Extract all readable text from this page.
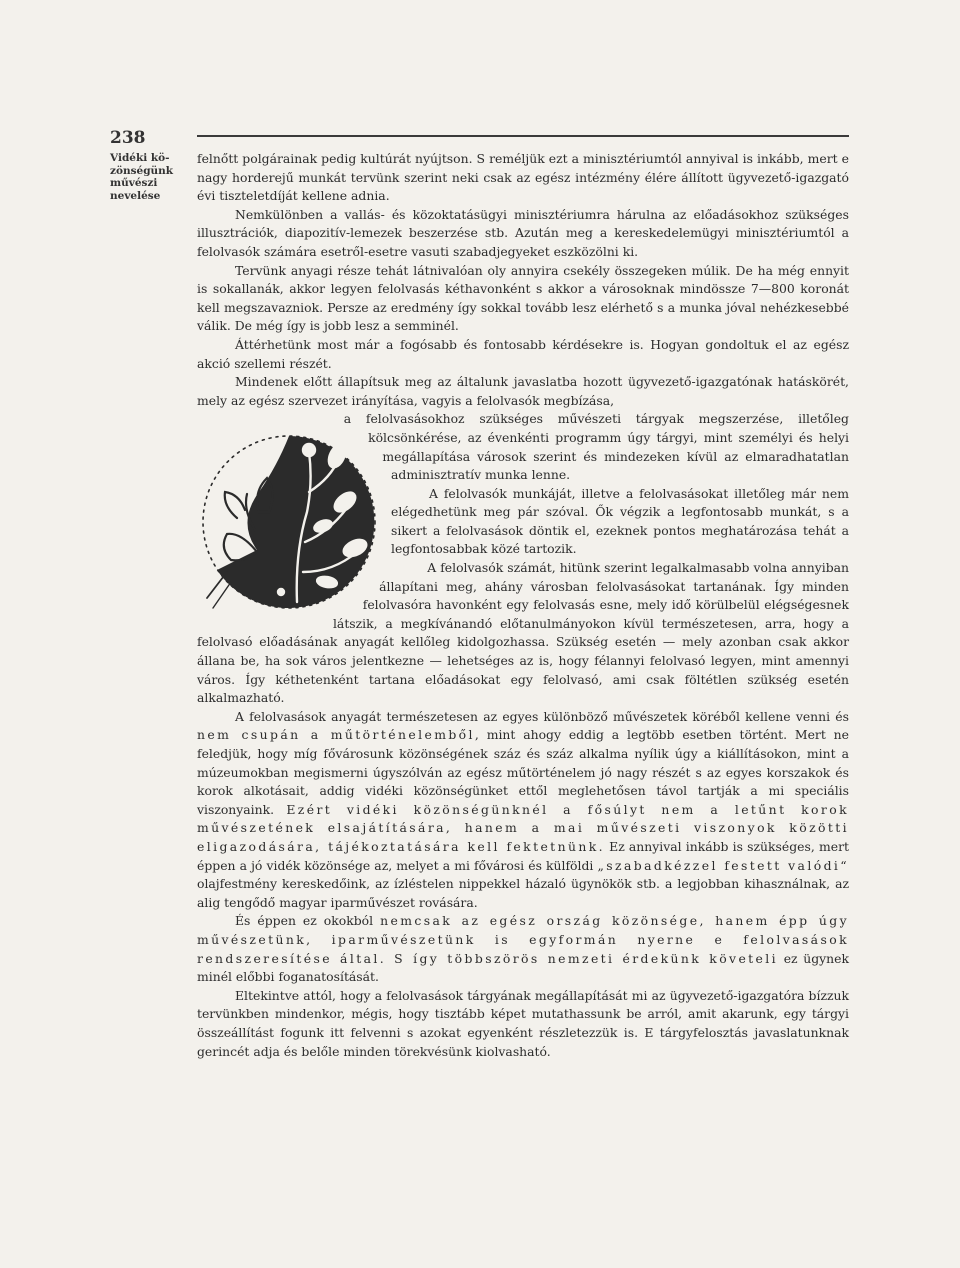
238
Vidéki kö-
zönségünk
művészi
nevelése

felnőtt polgárainak pedig kultúrát nyújtson. S reméljük ezt a minisztériumtól annyival is inkább, mert e nagy horderejű munkát tervünk szerint neki csak az egész intézmény élére állított ügyvezető-igazgató évi tiszteletdíját kellene adnia.

Nemkülönben a vallás- és közoktatásügyi minisztériumra hárulna az előadásokhoz szükséges illusztrációk, diapozitív-lemezek beszerzése stb. Azután meg a kereskedelemügyi minisztériumtól a felolvasók számára esetről-esetre vasuti szabadjegyeket eszközölni ki.

Tervünk anyagi része tehát látnivalóan oly annyira csekély összegeken múlik. De ha még ennyit is sokallanák, akkor legyen felolvasás kéthavonként s akkor a városoknak mindössze 7—800 koronát kell megszavazniok. Persze az eredmény így sokkal tovább lesz elérhető s a munka jóval nehézkesebbé válik. De még így is jobb lesz a semminél.

Áttérhetünk most már a fogósabb és fontosabb kérdésekre is. Hogyan gondoltuk el az egész akció szellemi részét.

Mindenek előtt állapítsuk meg az általunk javaslatba hozott ügyvezető-igazgatónak hatáskörét, mely az egész szervezet irányítása, vagyis a felolvasók megbízása,

a felolvasásokhoz szükséges művészeti tárgyak megszerzése, illetőleg kölcsönkérése, az évenkénti programm úgy tárgyi, mint személyi és helyi megállapítása városok szerint és mindezeken kívül az elmaradhatatlan adminisztratív munka lenne.

A felolvasók munkáját, illetve a felolvasásokat illetőleg már nem elégedhetünk meg pár szóval. Ők végzik a legfontosabb munkát, s a sikert a felolvasások döntik el, ezeknek pontos meghatározása tehát a legfontosabbak közé tartozik.

A felolvasók számát, hitünk szerint legalkalmasabb volna annyiban állapítani meg, ahány városban felolvasásokat tartanának. Így minden felolvasóra havonként egy felolvasás esne, mely idő körülbelül elégségesnek látszik, a megkívánandó előtanulmányokon kívül természetesen, arra, hogy a felolvasó előadásának anyagát kellőleg kidolgozhassa. Szükség esetén — mely azonban csak akkor állana be, ha sok város jelentkezne — lehetséges az is, hogy félannyi felolvasó legyen, mint amennyi város. Így kéthetenként tartana előadásokat egy felolvasó, ami csak föltétlen szükség esetén alkalmazható.

A felolvasások anyagát természetesen az egyes különböző művészetek köréből kellene venni és nem csupán a műtörténelemből, mint ahogy eddig a legtöbb esetben történt. Mert ne feledjük, hogy míg fővárosunk közönségének száz és száz alkalma nyílik úgy a kiállításokon, mint a múzeumokban megismerni úgyszólván az egész műtörténelem jó nagy részét s az egyes korszakok és korok alkotásait, addig vidéki közönségünket ettől meglehetősen távol tartják a mi speciális viszonyaink. Ezért vidéki közönségünknél a fősúlyt nem a letűnt korok művészetének elsajátítására, hanem a mai művészeti viszonyok közötti eligazodására, tájékoztatására kell fektetnünk. Ez annyival inkább is szükséges, mert éppen a jó vidék közönsége az, melyet a mi fővárosi és külföldi „szabadkézzel festett valódi“ olajfestmény kereskedőink, az ízléstelen nippekkel házaló ügynökök stb. a legjobban kihasználnak, az alig tengődő magyar iparművészet rovására.

És éppen ez okokból nemcsak az egész ország közönsége, hanem épp úgy művészetünk, iparművészetünk is egyformán nyerne e felolvasások rendszeresítése által. S így többszörös nemzeti érdekünk követeli ez ügynek minél előbbi foganatosítását.

Eltekintve attól, hogy a felolvasások tárgyának megállapítását mi az ügyvezető-igazgatóra bízzuk tervünkben mindenkor, mégis, hogy tisztább képet mutathassunk be arról, amit akarunk, egy tárgyi összeállítást fogunk itt felvenni s azokat egyenként részletezzük is. E tárgyfelosztás javaslatunknak gerincét adja és belőle minden törekvésünk kiolvasható.
